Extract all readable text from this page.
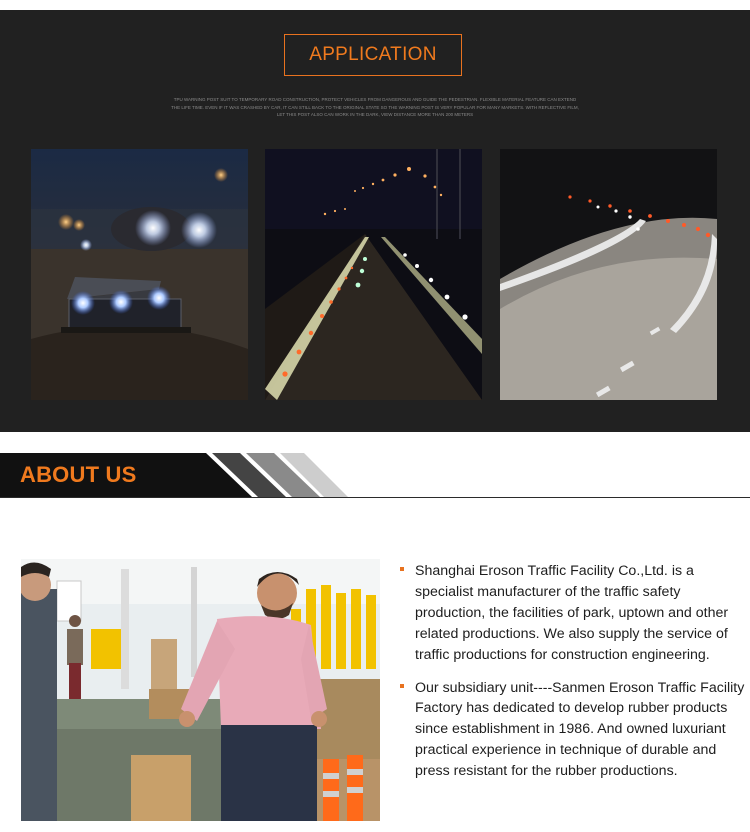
APPLICATION
TPU WARNING POST SUIT TO TEMPORARY ROAD CONSTRUCTION, PROTECT VEHICLES FROM DANGEROUS AND GUIDE THE PEDESTRIAN. FLEXIBLE MATERIAL FEATURE CAN EXTEND THE LIFE TIME. EVEN IF IT WAS CRASHED BY CAR, IT CAN STILL BACK TO THE ORIGINAL STATE SO THE WARNING POST IS VERY POPULAR FOR MANY MARKETS. WITH REFLECTIVE FILM, LET THIS POST ALSO CAN WORK IN THE DARK, VIEW DISTANCE MORE THAN 200 METERS
ABOUT US
Shanghai Eroson Traffic Facility Co.,Ltd. is a specialist manufacturer of the traffic safety production, the facilities of park, uptown and other related productions. We also supply the service of traffic productions for construction engineering.
Our subsidiary unit----Sanmen Eroson Traffic Facility Factory has dedicated to develop rubber products since establishment in 1986. And owned luxuriant practical experience in technique of durable and press resistant for the rubber productions.
